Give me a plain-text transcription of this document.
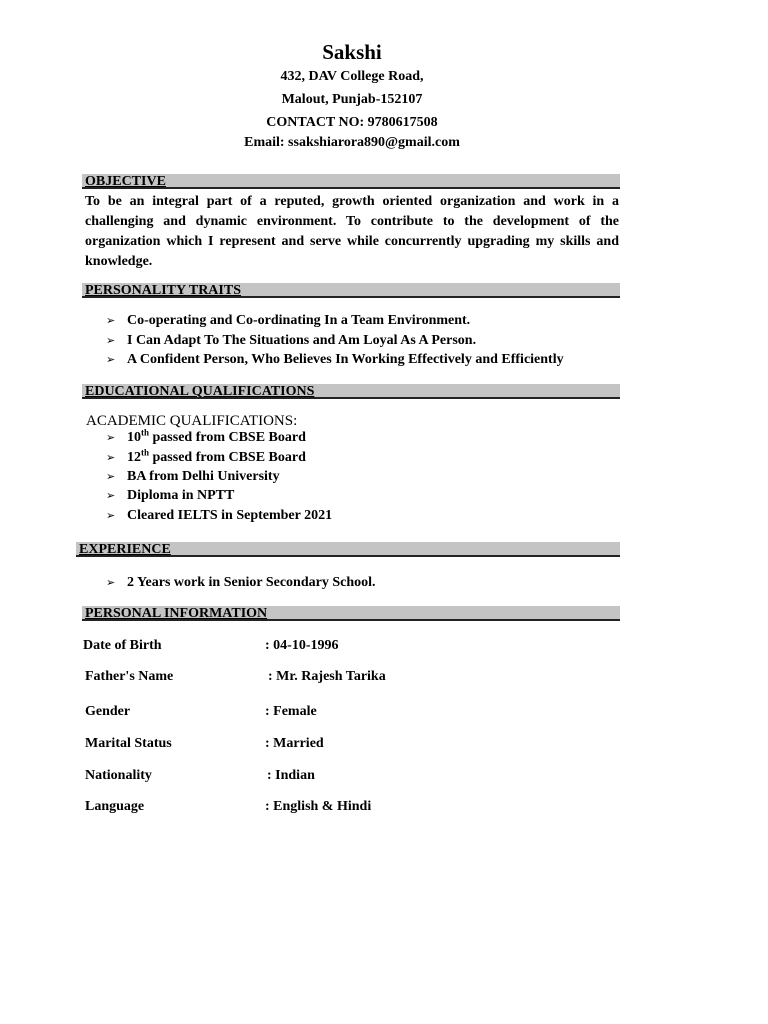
Sakshi
432, DAV College Road,
Malout, Punjab-152107
CONTACT NO: 9780617508
Email: ssakshiarora890@gmail.com
OBJECTIVE
To be an integral part of a reputed, growth oriented organization and work in a challenging and dynamic environment. To contribute to the development of the organization which I represent and serve while concurrently upgrading my skills and knowledge.
PERSONALITY TRAITS
➢ Co-operating and Co-ordinating In a Team Environment.
➢ I Can Adapt To The Situations and Am Loyal As A Person.
➢ A Confident Person, Who Believes In Working Effectively and Efficiently
EDUCATIONAL QUALIFICATIONS
ACADEMIC QUALIFICATIONS:
➢ 10th passed from CBSE Board
➢ 12th passed from CBSE Board
➢ BA from Delhi University
➢ Diploma in NPTT
➢ Cleared IELTS in September 2021
EXPERIENCE
➢ 2 Years work in Senior Secondary School.
PERSONAL INFORMATION
Date of Birth	: 04-10-1996
Father's Name	: Mr. Rajesh Tarika
Gender	: Female
Marital Status	: Married
Nationality	: Indian
Language	: English & Hindi
